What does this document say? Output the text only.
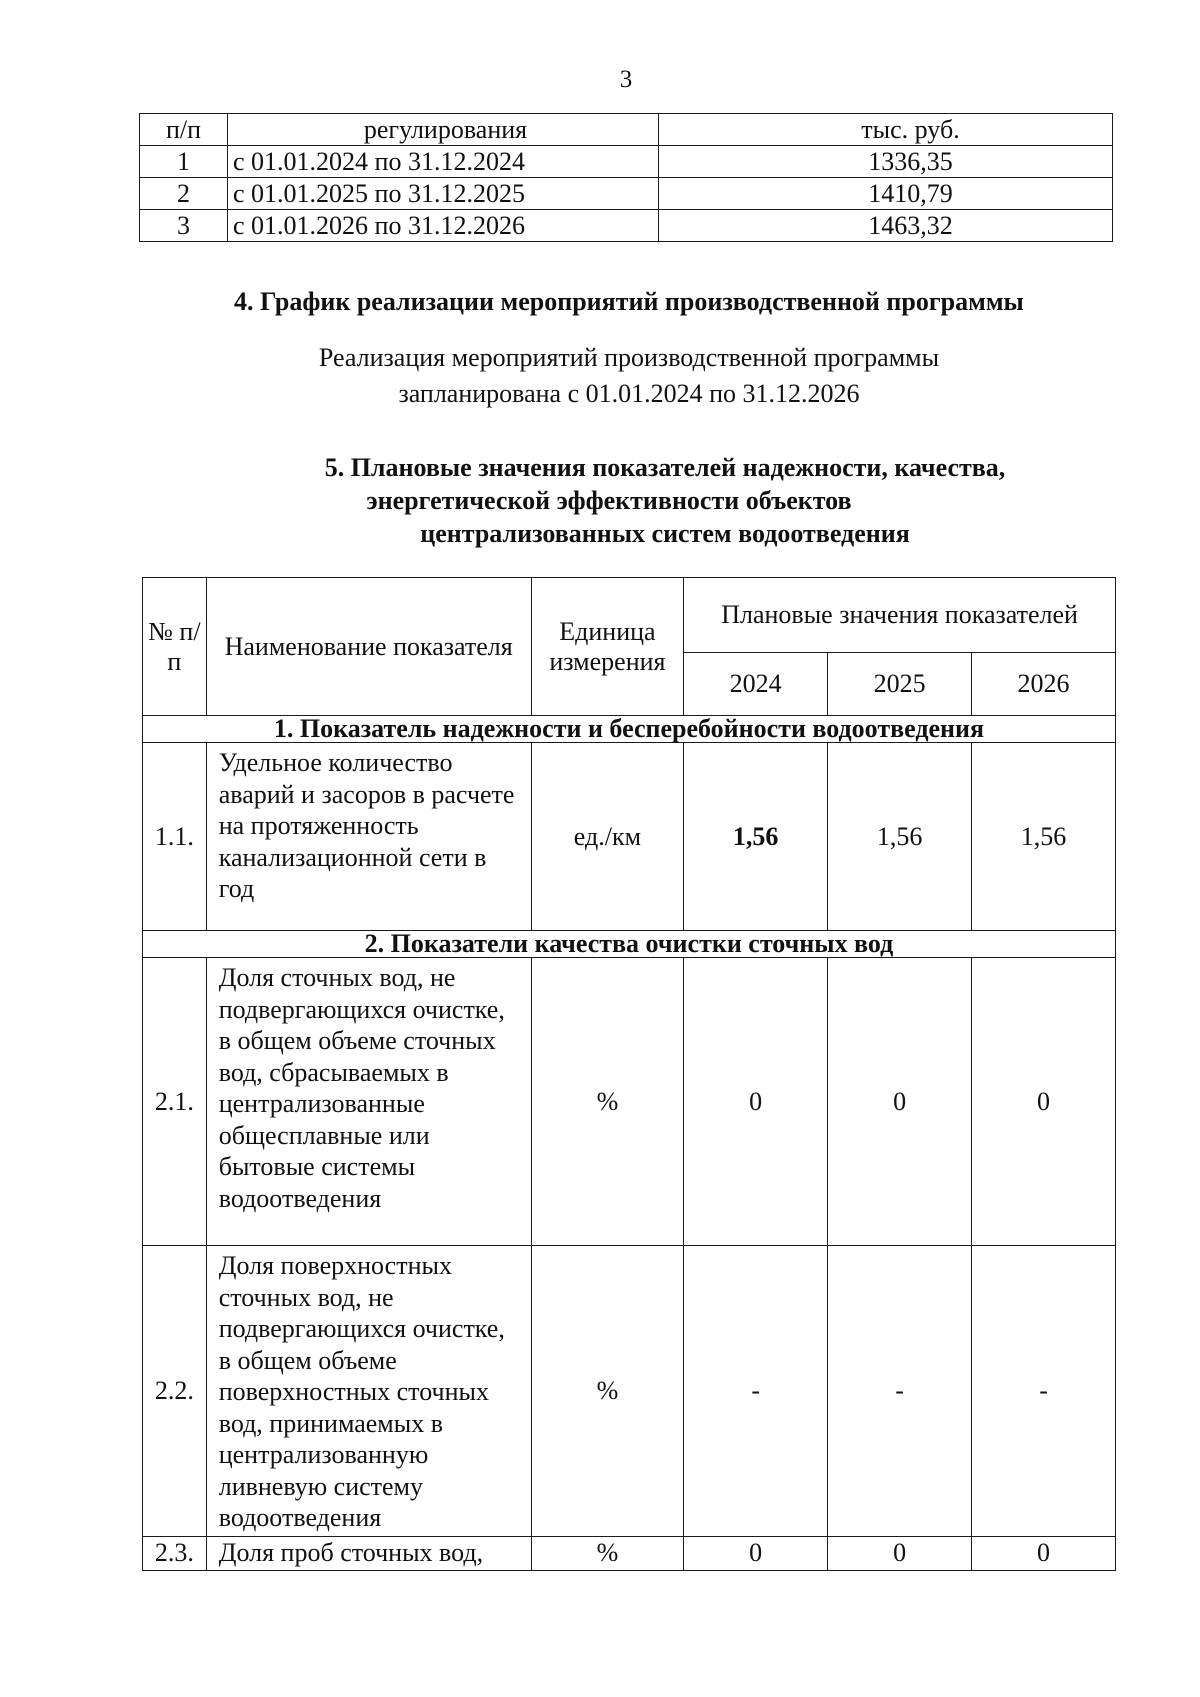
3
п/п	регулирования	тыс. руб.
1	с 01.01.2024 по 31.12.2024	1336,35
2	с 01.01.2025 по 31.12.2025	1410,79
3	с 01.01.2026 по 31.12.2026	1463,32
4. График реализации мероприятий производственной программы
Реализация мероприятий производственной программы
запланирована с 01.01.2024 по 31.12.2026
5. Плановые значения показателей надежности, качества,
энергетической эффективности объектов
централизованных систем водоотведения
№ п/п	Наименование показателя	Единица измерения	Плановые значения показателей		
			2024	2025	2026
1. Показатель надежности и бесперебойности водоотведения					
1.1.	Удельное количество аварий и засоров в расчете на протяженность канализационной сети в год	ед./км	1,56	1,56	1,56
2. Показатели качества очистки сточных вод					
2.1.	Доля сточных вод, не подвергающихся очистке, в общем объеме сточных вод, сбрасываемых в централизованные общесплавные или бытовые системы водоотведения	%	0	0	0
2.2.	Доля поверхностных сточных вод, не подвергающихся очистке, в общем объеме поверхностных сточных вод, принимаемых в централизованную ливневую систему водоотведения	%	-	-	-
2.3.	Доля проб сточных вод,	%	0	0	0
